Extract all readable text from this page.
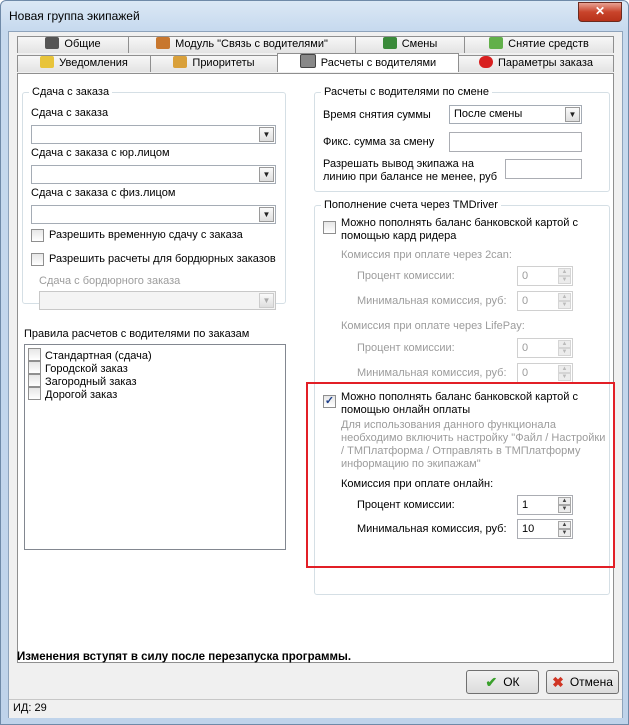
Новая группа экипажей	✕
Общие	Модуль "Связь с водителями"	Смены	Снятие средств
Уведомления	Приоритеты	Расчеты с водителями	Параметры заказа
Сдача с заказа
Сдача с заказа
▼
Сдача с заказа с юр.лицом
▼
Сдача с заказа с физ.лицом
▼
Разрешить временную сдачу с заказа
Разрешить расчеты для бордюрных заказов
Сдача с бордюрного заказа
▼
Правила расчетов с водителями по заказам
Стандартная (сдача)
Городской заказ
Загородный заказ
Дорогой заказ
Расчеты с водителями по смене
Время снятия суммы После смены	▼
Фикс. сумма за смену
Разрешать вывод экипажа на
линию при балансе не менее, руб
Пополнение счета через TMDriver
Можно пополнять баланс банковской картой с
помощью кард ридера
Комиссия при оплате через 2can:
Процент комиссии:	0	▲
▼
Минимальная комиссия, руб: 0	▲
▼
Комиссия при оплате через LifePay:
Процент комиссии:	0	▲
▼
Минимальная комиссия, руб: 0	▲
▼
✓ Можно пополнять баланс банковской картой с
помощью онлайн оплаты
Для использования данного функционала
необходимо включить настройку "Файл / Настройки
/ ТМПлатформа / Отправлять в ТМПлатформу
информацию по экипажам"
Комиссия при оплате онлайн:
Процент комиссии:	1	▲
▼
Минимальная комиссия, руб: 10	▲
▼
Изменения вступят в силу после перезапуска программы.
✔ ОК	✖ Отмена
ИД: 29
